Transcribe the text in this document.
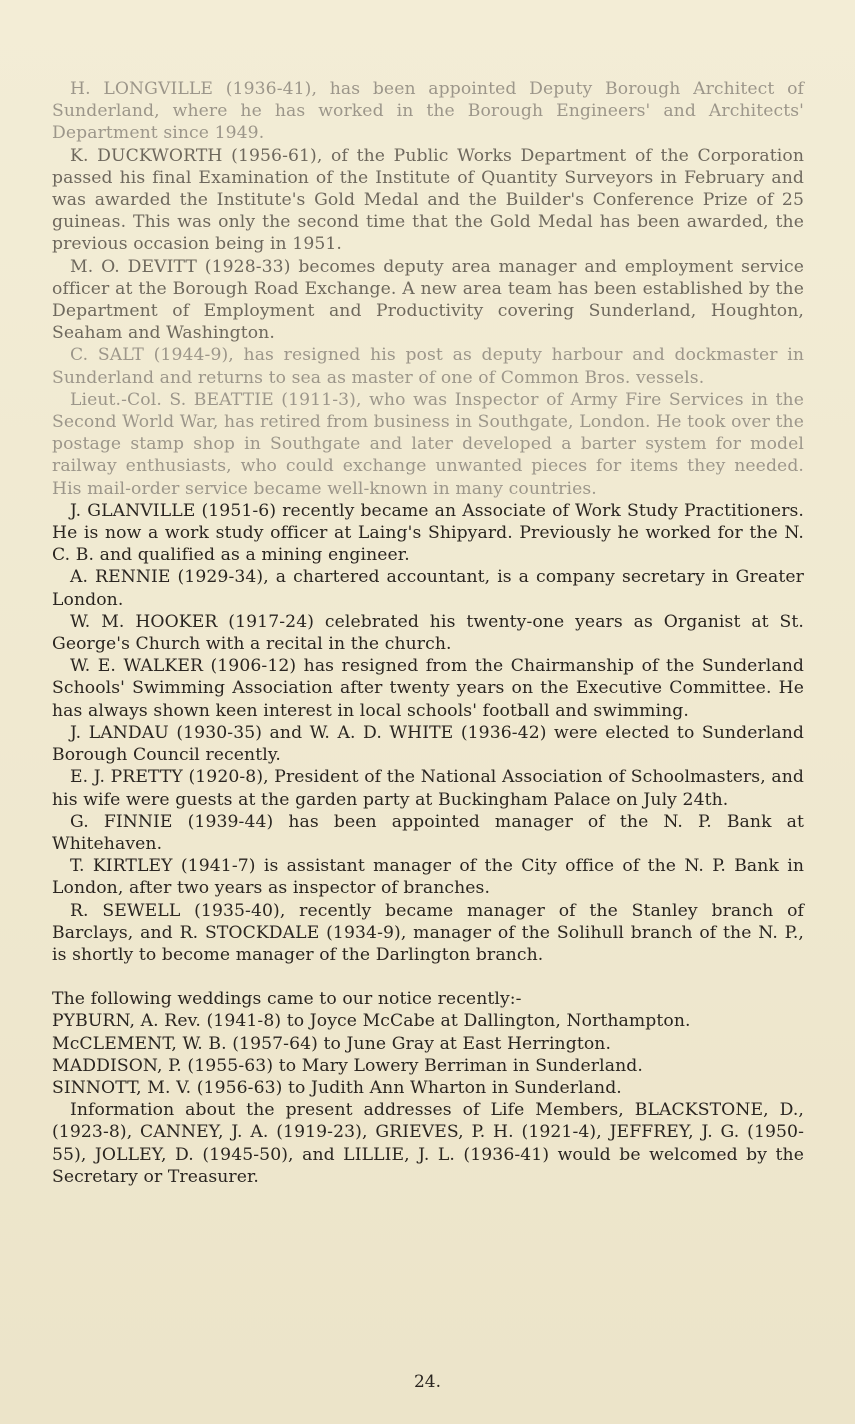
H. LONGVILLE (1936-41), has been appointed Deputy Borough Architect of Sunderland, where he has worked in the Borough Engineers' and Architects' Department since 1949.

K. DUCKWORTH (1956-61), of the Public Works Department of the Corporation passed his final Examination of the Institute of Quantity Surveyors in February and was awarded the Institute's Gold Medal and the Builder's Conference Prize of 25 guineas. This was only the second time that the Gold Medal has been awarded, the previous occasion being in 1951.

M. O. DEVITT (1928-33) becomes deputy area manager and employment service officer at the Borough Road Exchange. A new area team has been established by the Department of Employment and Productivity covering Sunderland, Houghton, Seaham and Washington.

C. SALT (1944-9), has resigned his post as deputy harbour and dockmaster in Sunderland and returns to sea as master of one of Common Bros. vessels.

Lieut.-Col. S. BEATTIE (1911-3), who was Inspector of Army Fire Services in the Second World War, has retired from business in Southgate, London. He took over the postage stamp shop in Southgate and later developed a barter system for model railway enthusiasts, who could exchange unwanted pieces for items they needed. His mail-order service became well-known in many countries.

J. GLANVILLE (1951-6) recently became an Associate of Work Study Practitioners. He is now a work study officer at Laing's Shipyard. Previously he worked for the N. C. B. and qualified as a mining engineer.

A. RENNIE (1929-34), a chartered accountant, is a company secretary in Greater London.

W. M. HOOKER (1917-24) celebrated his twenty-one years as Organist at St. George's Church with a recital in the church.

W. E. WALKER (1906-12) has resigned from the Chairmanship of the Sunderland Schools' Swimming Association after twenty years on the Executive Committee. He has always shown keen interest in local schools' football and swimming.

J. LANDAU (1930-35) and W. A. D. WHITE (1936-42) were elected to Sunderland Borough Council recently.

E. J. PRETTY (1920-8), President of the National Association of Schoolmasters, and his wife were guests at the garden party at Buckingham Palace on July 24th.

G. FINNIE (1939-44) has been appointed manager of the N. P. Bank at Whitehaven.

T. KIRTLEY (1941-7) is assistant manager of the City office of the N. P. Bank in London, after two years as inspector of branches.

R. SEWELL (1935-40), recently became manager of the Stanley branch of Barclays, and R. STOCKDALE (1934-9), manager of the Solihull branch of the N. P., is shortly to become manager of the Darlington branch.

The following weddings came to our notice recently:-

PYBURN, A. Rev. (1941-8) to Joyce McCabe at Dallington, Northampton.

McCLEMENT, W. B. (1957-64) to June Gray at East Herrington.

MADDISON, P. (1955-63) to Mary Lowery Berriman in Sunderland.

SINNOTT, M. V. (1956-63) to Judith Ann Wharton in Sunderland.

Information about the present addresses of Life Members, BLACKSTONE, D., (1923-8), CANNEY, J. A. (1919-23), GRIEVES, P. H. (1921-4), JEFFREY, J. G. (1950-55), JOLLEY, D. (1945-50), and LILLIE, J. L. (1936-41) would be welcomed by the Secretary or Treasurer.

24.
